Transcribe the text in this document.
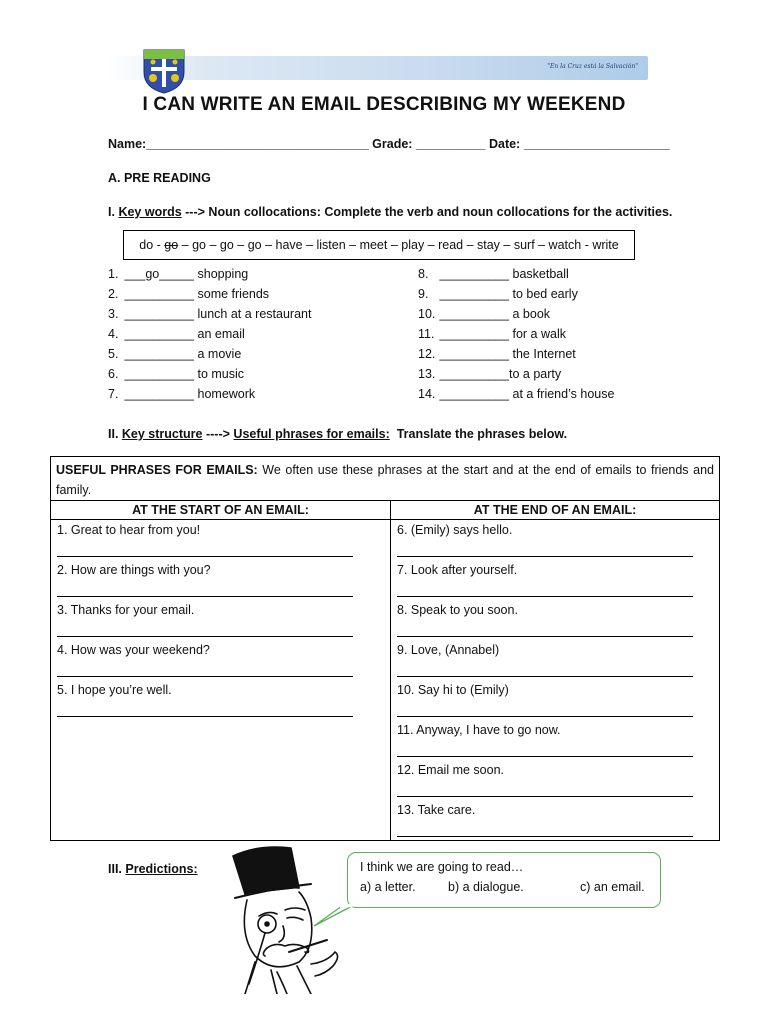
"En la Cruz está la Salvación"
I CAN WRITE AN EMAIL DESCRIBING MY WEEKEND
Name:________________________________ Grade: __________ Date: _____________________
A. PRE READING
I. Key words ---> Noun collocations: Complete the verb and noun collocations for the activities.
do - go – go – go – go – have – listen – meet – play – read – stay – surf – watch - write
1. ___go_____ shopping
2. __________ some friends
3. __________ lunch at a restaurant
4. __________ an email
5. __________ a movie
6. __________ to music
7. __________ homework
8. __________ basketball
9. __________ to bed early
10. __________ a book
11. __________ for a walk
12. __________ the Internet
13. __________to a party
14. __________ at a friend’s house
II. Key structure ----> Useful phrases for emails: Translate the phrases below.
USEFUL PHRASES FOR EMAILS: We often use these phrases at the start and at the end of emails to friends and family.
AT THE START OF AN EMAIL:	AT THE END OF AN EMAIL:
1. Great to hear from you!
2. How are things with you?
3. Thanks for your email.
4. How was your weekend?
5. I hope you’re well.
6. (Emily) says hello.
7. Look after yourself.
8. Speak to you soon.
9. Love, (Annabel)
10. Say hi to (Emily)
11. Anyway, I have to go now.
12. Email me soon.
13. Take care.
III. Predictions:	I think we are going to read…
a) a letter.	b) a dialogue.	c) an email.
